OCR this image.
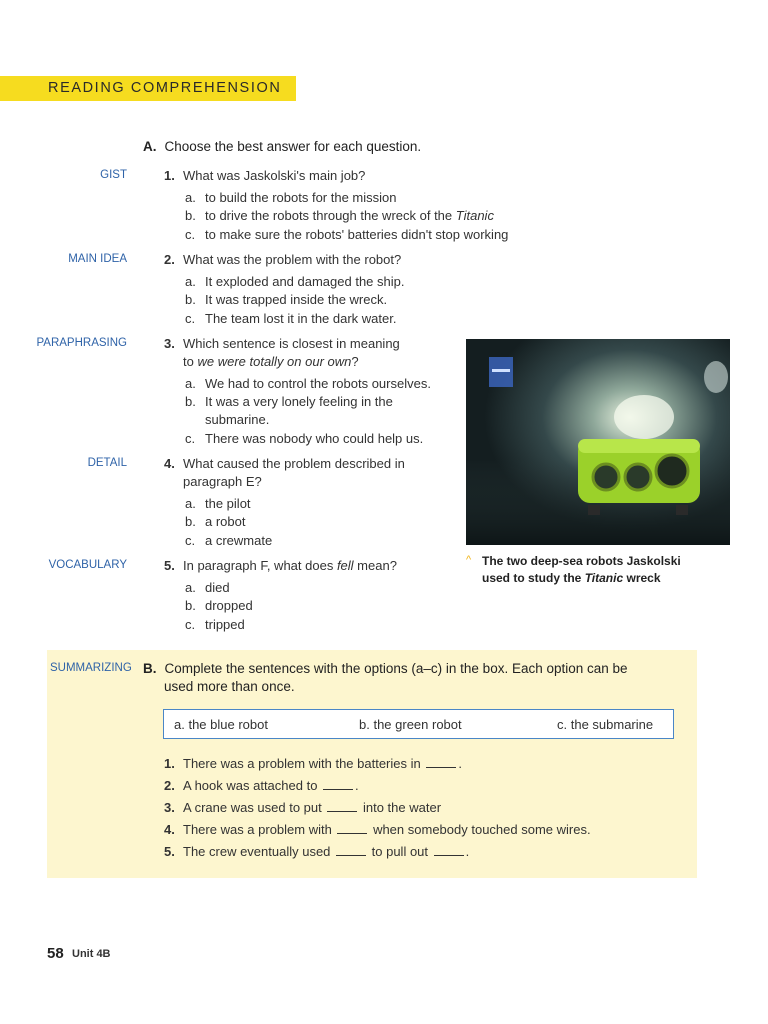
READING COMPREHENSION
A. Choose the best answer for each question.
GIST	1. What was Jaskolski's main job?
a. to build the robots for the mission
b. to drive the robots through the wreck of the Titanic
c. to make sure the robots' batteries didn't stop working
MAIN IDEA	2. What was the problem with the robot?
a. It exploded and damaged the ship.
b. It was trapped inside the wreck.
c. The team lost it in the dark water.
PARAPHRASING	3. Which sentence is closest in meaning
to we were totally on our own?
a. We had to control the robots ourselves.
b. It was a very lonely feeling in the
submarine.
c. There was nobody who could help us.
DETAIL	4. What caused the problem described in
paragraph E?
a. the pilot
b. a robot
c. a crewmate
VOCABULARY	5. In paragraph F, what does fell mean?
a. died
b. dropped
c. tripped
^ The two deep-sea robots Jaskolski
used to study the Titanic wreck
SUMMARIZING B. Complete the sentences with the options (a–c) in the box. Each option can be
used more than once.
a. the blue robot	b. the green robot	c. the submarine
1. There was a problem with the batteries in	.
2. A hook was attached to	.
3. A crane was used to put	into the water
4. There was a problem with	when somebody touched some wires.
5. The crew eventually used	to pull out	.
58 Unit 4B
